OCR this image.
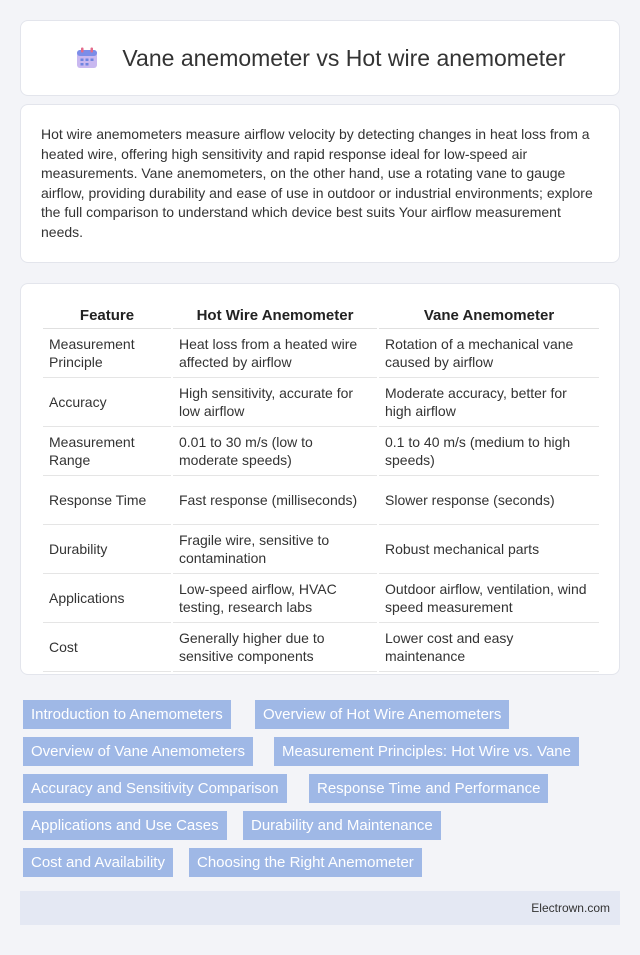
Vane anemometer vs Hot wire anemometer

Hot wire anemometers measure airflow velocity by detecting changes in heat loss from a heated wire, offering high sensitivity and rapid response ideal for low-speed air measurements. Vane anemometers, on the other hand, use a rotating vane to gauge airflow, providing durability and ease of use in outdoor or industrial environments; explore the full comparison to understand which device best suits Your airflow measurement needs.

Feature	Hot Wire Anemometer	Vane Anemometer
Measurement Principle	Heat loss from a heated wire affected by airflow	Rotation of a mechanical vane caused by airflow
Accuracy	High sensitivity, accurate for low airflow	Moderate accuracy, better for high airflow
Measurement Range	0.01 to 30 m/s (low to moderate speeds)	0.1 to 40 m/s (medium to high speeds)
Response Time	Fast response (milliseconds)	Slower response (seconds)
Durability	Fragile wire, sensitive to contamination	Robust mechanical parts
Applications	Low-speed airflow, HVAC testing, research labs	Outdoor airflow, ventilation, wind speed measurement
Cost	Generally higher due to sensitive components	Lower cost and easy maintenance
Introduction to Anemometers	Overview of Hot Wire Anemometers
Overview of Vane Anemometers	Measurement Principles: Hot Wire vs. Vane
Accuracy and Sensitivity Comparison	Response Time and Performance
Applications and Use Cases	Durability and Maintenance
Cost and Availability	Choosing the Right Anemometer
Electrown.com
